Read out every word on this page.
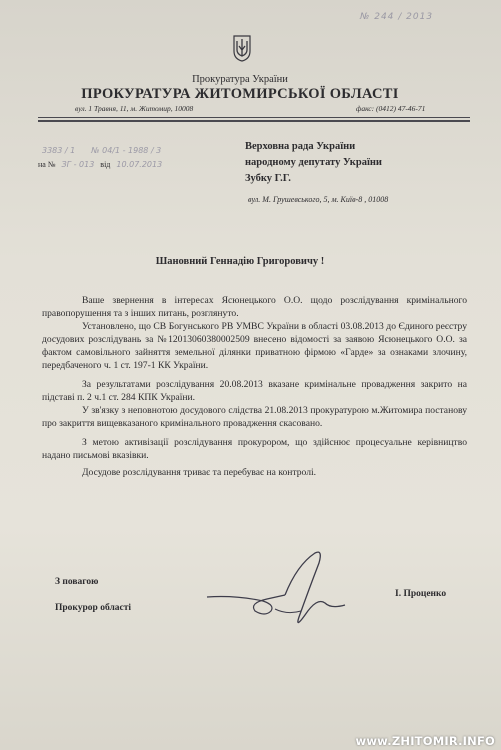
№ 244 / 2013
Прокуратура України
ПРОКУРАТУРА ЖИТОМИРСЬКОЇ ОБЛАСТІ
вул. 1 Травня, 11, м. Житомир, 10008	факс: (0412) 47-46-71
3383 / 1 № 04/1 - 1988 / 3
на № ЗГ - 013 від 10.07.2013
Верховна рада України
народному депутату України
Зубку Г.Г.
вул. М. Грушевського, 5, м. Київ-8 , 01008
Шановний Геннадію Григоровичу !

Ваше звернення в інтересах Ясюнецького О.О. щодо розслідування кримінального правопорушення та з інших питань, розглянуто.

Установлено, що СВ Богунського РВ УМВС України в області 03.08.2013 до Єдиного реєстру досудових розслідувань за №12013060380002509 внесено відомості за заявою Ясюнецького О.О. за фактом самовільного зайняття земельної ділянки приватною фірмою «Гарде» за ознаками злочину, передбаченого ч. 1 ст. 197-1 КК України.

За результатами розслідування 20.08.2013 вказане кримінальне провадження закрито на підставі п. 2 ч.1 ст. 284 КПК України.

У зв'язку з неповнотою досудового слідства 21.08.2013 прокуратурою м.Житомира постанову про закриття вищевказаного кримінального провадження скасовано.

З метою активізації розслідування прокурором, що здійснює процесуальне керівництво надано письмові вказівки.

Досудове розслідування триває та перебуває на контролі.

З повагою
Прокурор області
І. Проценко
www.ZHITOMIR.INFO
